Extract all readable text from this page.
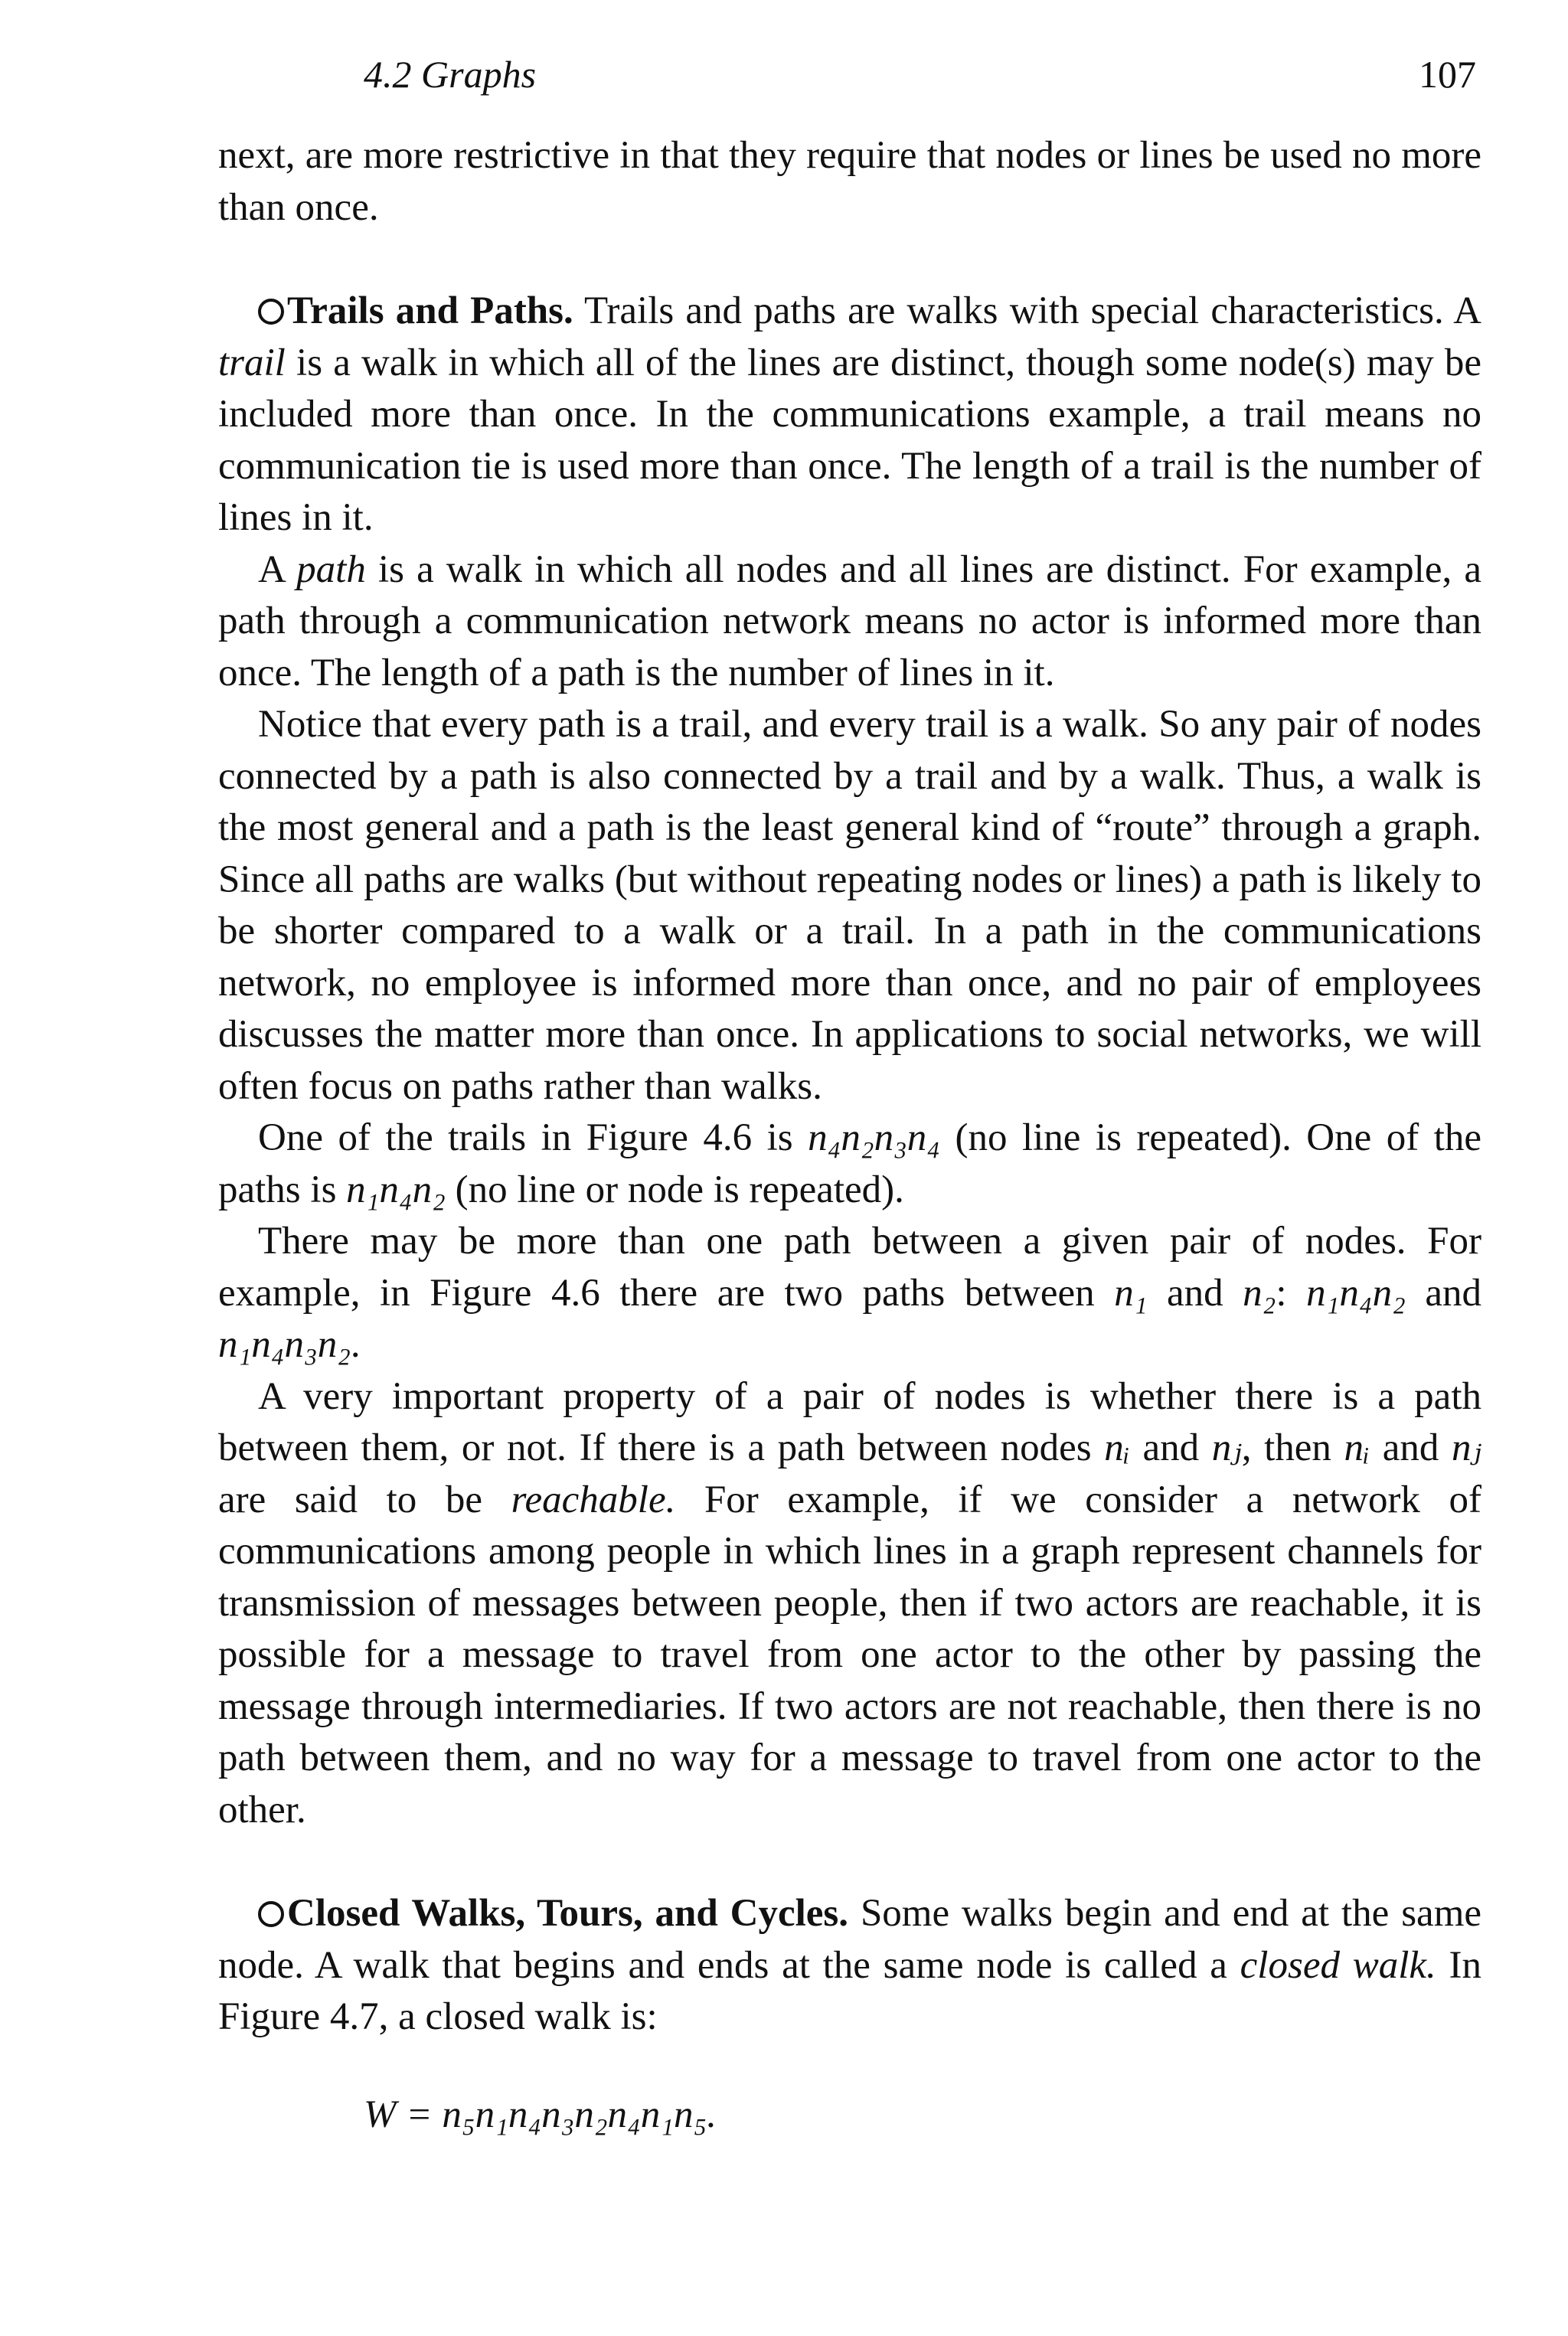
4.2 Graphs	107

next, are more restrictive in that they require that nodes or lines be used no more than once.

Trails and Paths. Trails and paths are walks with special characteristics. A trail is a walk in which all of the lines are distinct, though some node(s) may be included more than once. In the communications example, a trail means no communication tie is used more than once. The length of a trail is the number of lines in it.

A path is a walk in which all nodes and all lines are distinct. For example, a path through a communication network means no actor is informed more than once. The length of a path is the number of lines in it.

Notice that every path is a trail, and every trail is a walk. So any pair of nodes connected by a path is also connected by a trail and by a walk. Thus, a walk is the most general and a path is the least general kind of “route” through a graph. Since all paths are walks (but without repeating nodes or lines) a path is likely to be shorter compared to a walk or a trail. In a path in the communications network, no employee is informed more than once, and no pair of employees discusses the matter more than once. In applications to social networks, we will often focus on paths rather than walks.

One of the trails in Figure 4.6 is n₄n₂n₃n₄ (no line is repeated). One of the paths is n₁n₄n₂ (no line or node is repeated).

There may be more than one path between a given pair of nodes. For example, in Figure 4.6 there are two paths between n₁ and n₂: n₁n₄n₂ and n₁n₄n₃n₂.

A very important property of a pair of nodes is whether there is a path between them, or not. If there is a path between nodes nᵢ and nⱼ, then nᵢ and nⱼ are said to be reachable. For example, if we consider a network of communications among people in which lines in a graph represent channels for transmission of messages between people, then if two actors are reachable, it is possible for a message to travel from one actor to the other by passing the message through intermediaries. If two actors are not reachable, then there is no path between them, and no way for a message to travel from one actor to the other.

Closed Walks, Tours, and Cycles. Some walks begin and end at the same node. A walk that begins and ends at the same node is called a closed walk. In Figure 4.7, a closed walk is:

W = n₅n₁n₄n₃n₂n₄n₁n₅.
